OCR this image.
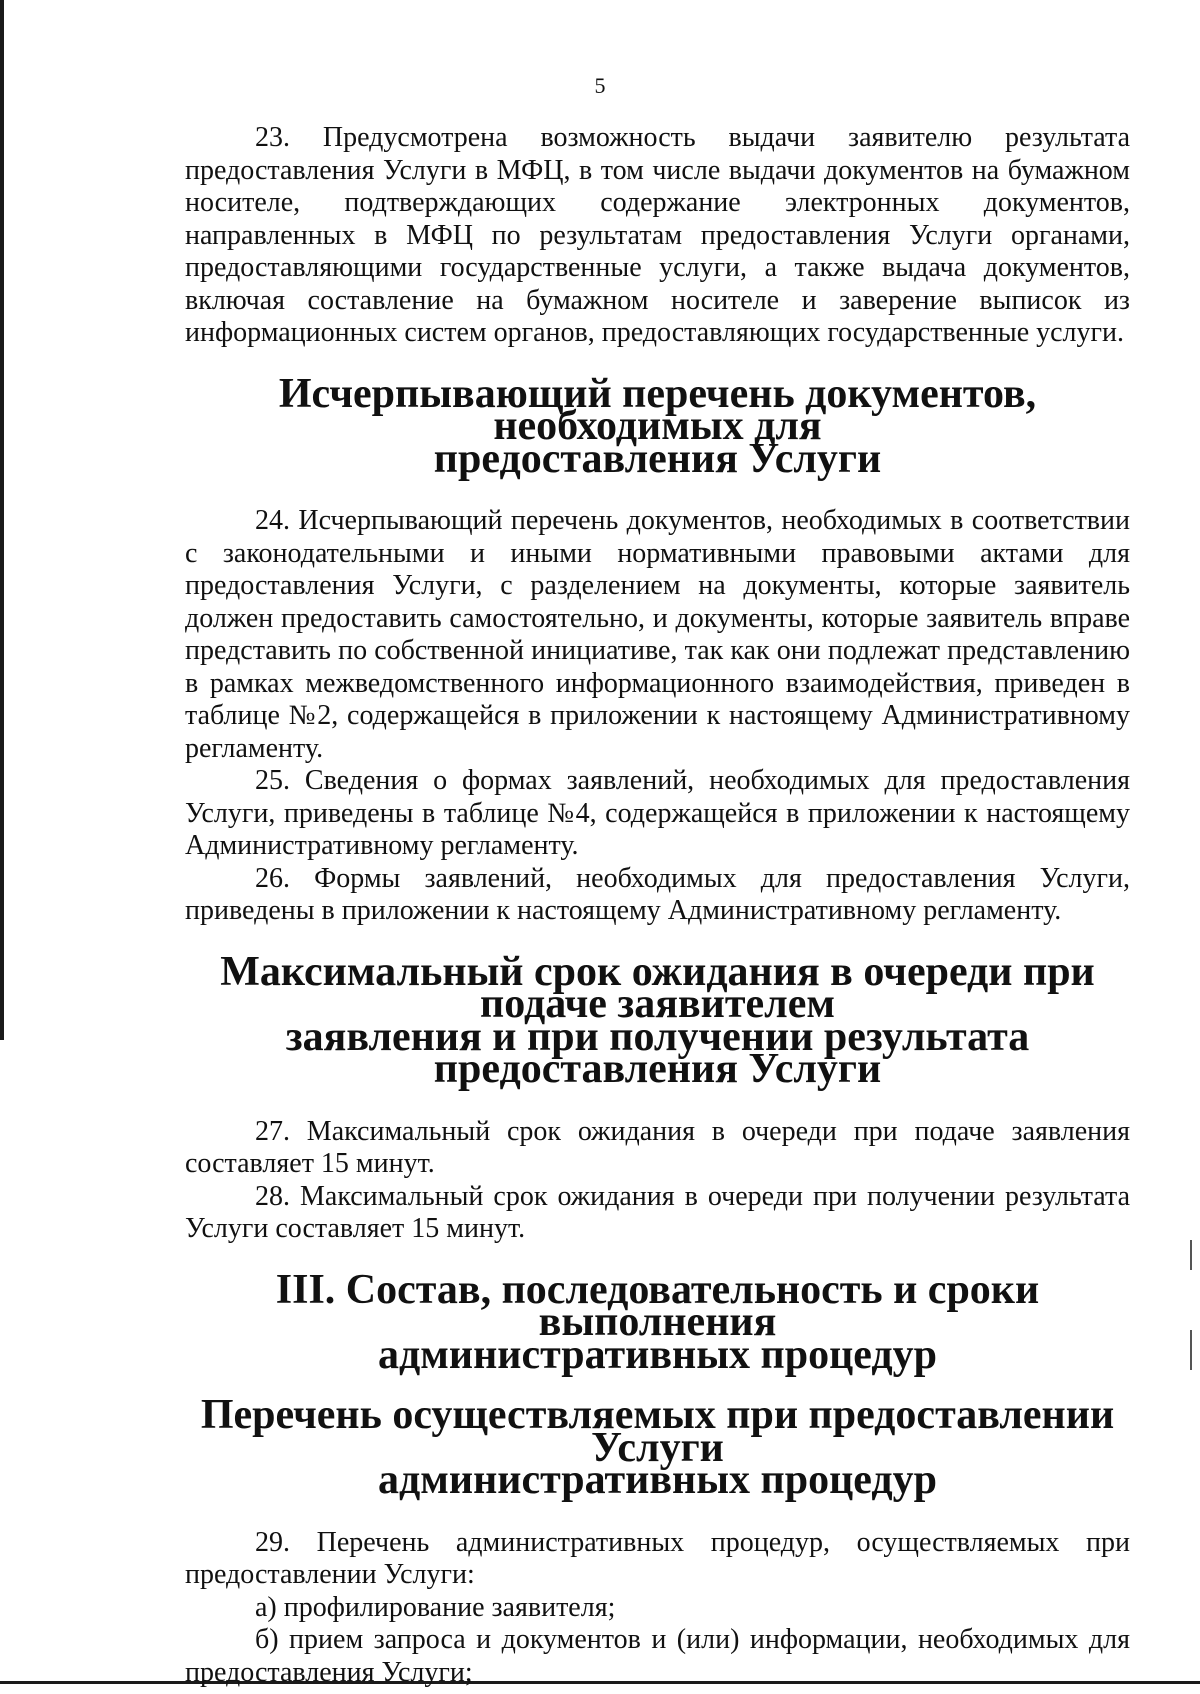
5

23. Предусмотрена возможность выдачи заявителю результата предоставления Услуги в МФЦ, в том числе выдачи документов на бумажном носителе, подтверждающих содержание электронных документов, направленных в МФЦ по результатам предоставления Услуги органами, предоставляющими государственные услуги, а также выдача документов, включая составление на бумажном носителе и заверение выписок из информационных систем органов, предоставляющих государственные услуги.

Исчерпывающий перечень документов, необходимых для
предоставления Услуги

24. Исчерпывающий перечень документов, необходимых в соответствии с законодательными и иными нормативными правовыми актами для предоставления Услуги, с разделением на документы, которые заявитель должен предоставить самостоятельно, и документы, которые заявитель вправе представить по собственной инициативе, так как они подлежат представлению в рамках межведомственного информационного взаимодействия, приведен в таблице №2, содержащейся в приложении к настоящему Административному регламенту.

25. Сведения о формах заявлений, необходимых для предоставления Услуги, приведены в таблице №4, содержащейся в приложении к настоящему Административному регламенту.

26. Формы заявлений, необходимых для предоставления Услуги, приведены в приложении к настоящему Административному регламенту.

Максимальный срок ожидания в очереди при подаче заявителем
заявления и при получении результата предоставления Услуги

27. Максимальный срок ожидания в очереди при подаче заявления составляет 15 минут.

28. Максимальный срок ожидания в очереди при получении результата Услуги составляет 15 минут.

III. Состав, последовательность и сроки выполнения
административных процедур
Перечень осуществляемых при предоставлении Услуги
административных процедур

29. Перечень административных процедур, осуществляемых при предоставлении Услуги:

а) профилирование заявителя;

б) прием запроса и документов и (или) информации, необходимых для предоставления Услуги;
